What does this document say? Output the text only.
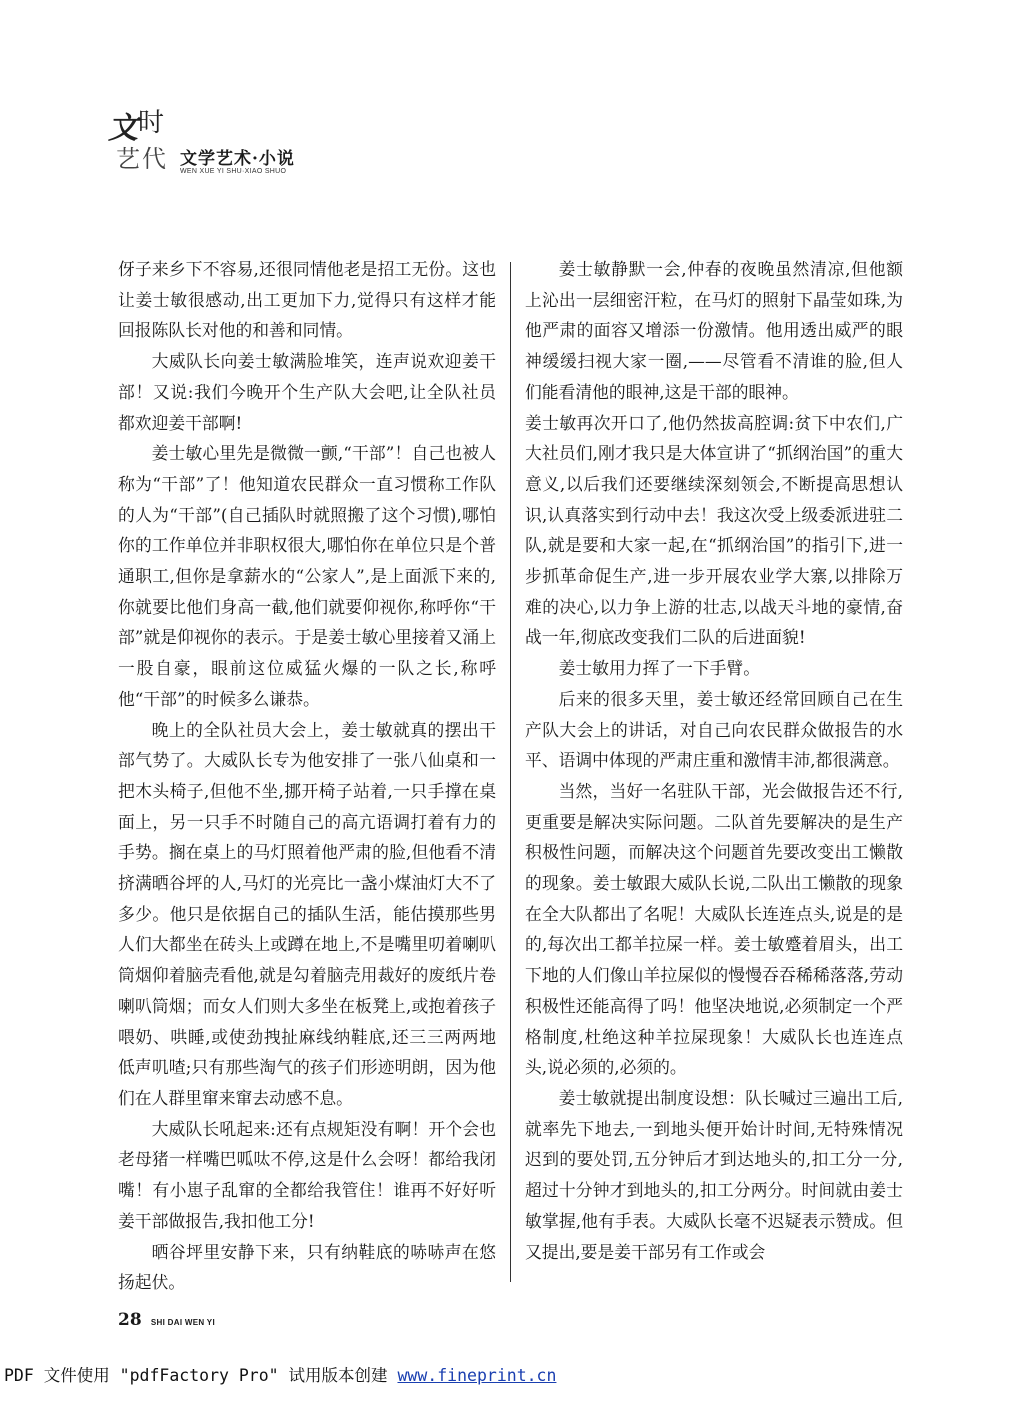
文 时
艺 代 文学艺术·小说
WEN XUE YI SHU·XIAO SHUO

伢子来乡下不容易,还很同情他老是招工无份。这也让姜士敏很感动,出工更加下力,觉得只有这样才能回报陈队长对他的和善和同情。

大威队长向姜士敏满脸堆笑，连声说欢迎姜干部！又说:我们今晚开个生产队大会吧,让全队社员都欢迎姜干部啊!

姜士敏心里先是微微一颤,“干部”！自己也被人称为“干部”了！他知道农民群众一直习惯称工作队的人为“干部”(自己插队时就照搬了这个习惯),哪怕你的工作单位并非职权很大,哪怕你在单位只是个普通职工,但你是拿薪水的“公家人”,是上面派下来的,你就要比他们身高一截,他们就要仰视你,称呼你“干部”就是仰视你的表示。于是姜士敏心里接着又涌上一股自豪，眼前这位威猛火爆的一队之长,称呼他“干部”的时候多么谦恭。

晚上的全队社员大会上，姜士敏就真的摆出干部气势了。大威队长专为他安排了一张八仙桌和一把木头椅子,但他不坐,挪开椅子站着,一只手撑在桌面上，另一只手不时随自己的高亢语调打着有力的手势。搁在桌上的马灯照着他严肃的脸,但他看不清挤满晒谷坪的人,马灯的光亮比一盏小煤油灯大不了多少。他只是依据自己的插队生活，能估摸那些男人们大都坐在砖头上或蹲在地上,不是嘴里叨着喇叭筒烟仰着脑壳看他,就是勾着脑壳用裁好的废纸片卷喇叭筒烟；而女人们则大多坐在板凳上,或抱着孩子喂奶、哄睡,或使劲拽扯麻线纳鞋底,还三三两两地低声叽喳;只有那些淘气的孩子们形迹明朗，因为他们在人群里窜来窜去动感不息。

大威队长吼起来:还有点规矩没有啊！开个会也老母猪一样嘴巴呱呔不停,这是什么会呀！都给我闭嘴！有小崽子乱窜的全都给我管住！谁再不好好听姜干部做报告,我扣他工分!

晒谷坪里安静下来，只有纳鞋底的哧哧声在悠扬起伏。

姜士敏静默一会,仲春的夜晚虽然清凉,但他额上沁出一层细密汗粒，在马灯的照射下晶莹如珠,为他严肃的面容又增添一份激情。他用透出威严的眼神缓缓扫视大家一圈,——尽管看不清谁的脸,但人们能看清他的眼神,这是干部的眼神。

姜士敏再次开口了,他仍然拔高腔调:贫下中农们,广大社员们,刚才我只是大体宣讲了“抓纲治国”的重大意义,以后我们还要继续深刻领会,不断提高思想认识,认真落实到行动中去！我这次受上级委派进驻二队,就是要和大家一起,在“抓纲治国”的指引下,进一步抓革命促生产,进一步开展农业学大寨,以排除万难的决心,以力争上游的壮志,以战天斗地的豪情,奋战一年,彻底改变我们二队的后进面貌!

姜士敏用力挥了一下手臂。

后来的很多天里，姜士敏还经常回顾自己在生产队大会上的讲话，对自己向农民群众做报告的水平、语调中体现的严肃庄重和激情丰沛,都很满意。

当然，当好一名驻队干部，光会做报告还不行,更重要是解决实际问题。二队首先要解决的是生产积极性问题，而解决这个问题首先要改变出工懒散的现象。姜士敏跟大威队长说,二队出工懒散的现象在全大队都出了名呢！大威队长连连点头,说是的是的,每次出工都羊拉屎一样。姜士敏蹙着眉头，出工下地的人们像山羊拉屎似的慢慢吞吞稀稀落落,劳动积极性还能高得了吗！他坚决地说,必须制定一个严格制度,杜绝这种羊拉屎现象！大威队长也连连点头,说必须的,必须的。

姜士敏就提出制度设想：队长喊过三遍出工后,就率先下地去,一到地头便开始计时间,无特殊情况迟到的要处罚,五分钟后才到达地头的,扣工分一分,超过十分钟才到地头的,扣工分两分。时间就由姜士敏掌握,他有手表。大威队长毫不迟疑表示赞成。但又提出,要是姜干部另有工作或会

28 SHI DAI WEN YI
PDF 文件使用 "pdfFactory Pro" 试用版本创建 www.fineprint.cn
